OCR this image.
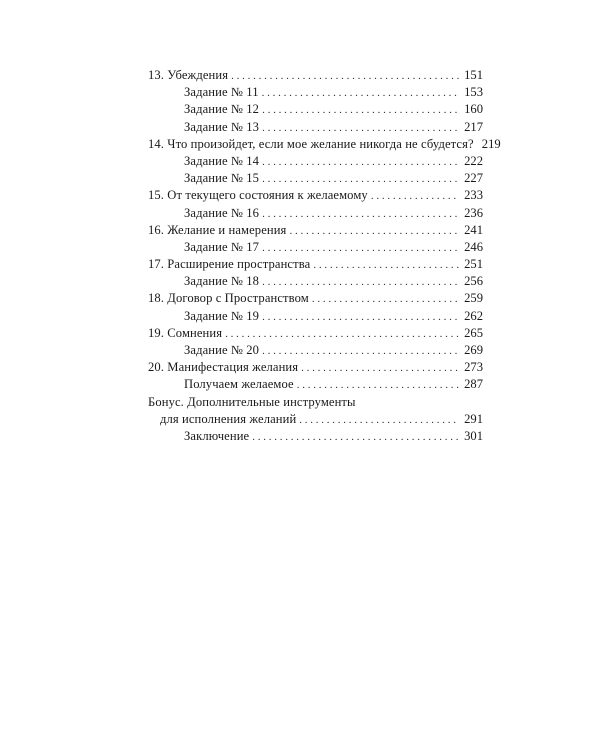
13. Убеждения . . .	151
Задание № 11 . . .	153
Задание № 12 . . .	160
Задание № 13 . . .	217
14. Что произойдет, если мое желание никогда не сбудется? 219
Задание № 14 . . .	222
Задание № 15 . . .	227
15. От текущего состояния к желаемому . . .	233
Задание № 16 . . .	236
16. Желание и намерения . . .	241
Задание № 17 . . .	246
17. Расширение пространства . . .	251
Задание № 18 . . .	256
18. Договор с Пространством . . .	259
Задание № 19 . . .	262
19. Сомнения . . .	265
Задание № 20 . . .	269
20. Манифестация желания . . .	273
Получаем желаемое . . .	287
Бонус. Дополнительные инструменты
для исполнения желаний . . .	291
Заключение . . .	301
